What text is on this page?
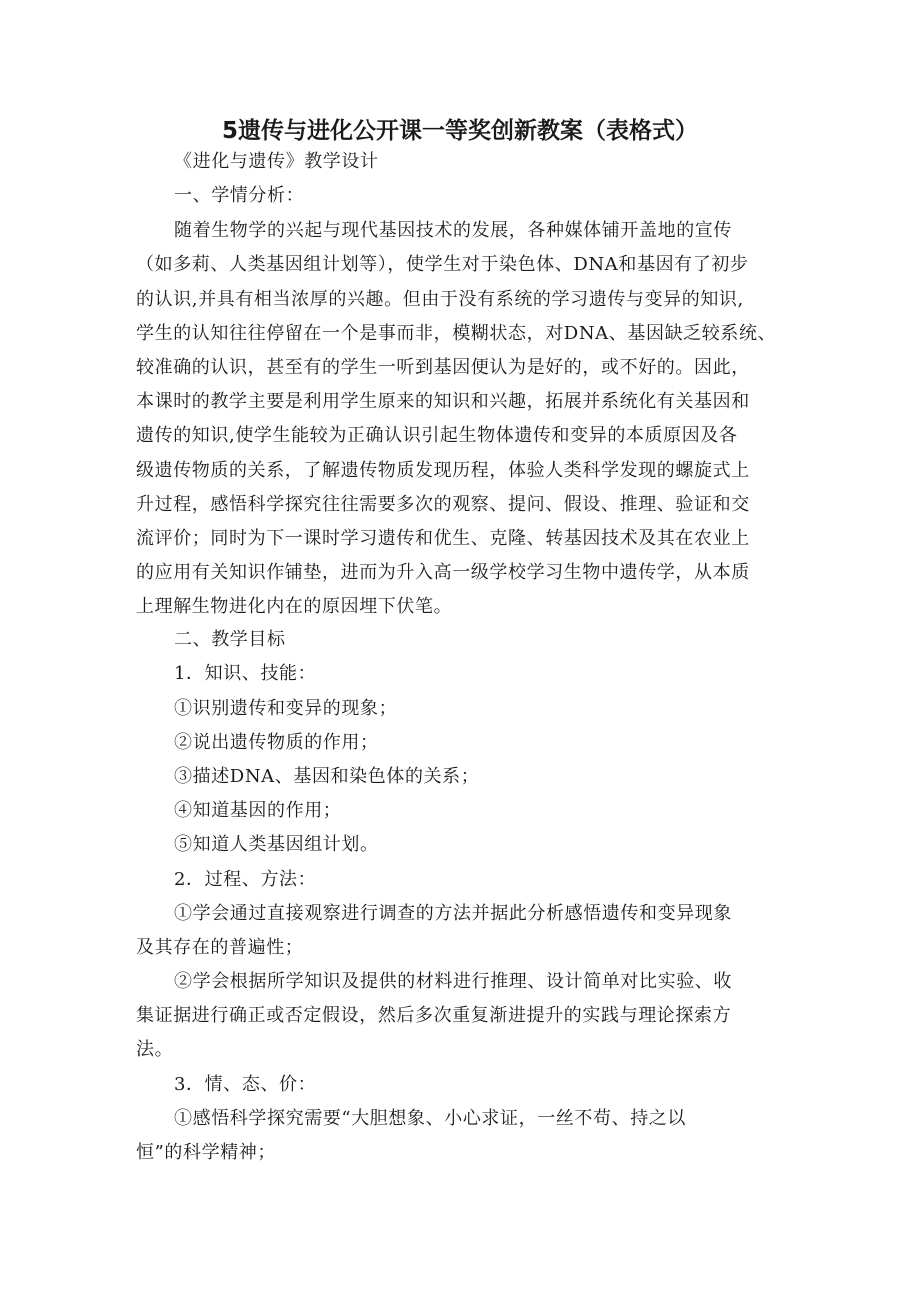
5遗传与进化公开课一等奖创新教案（表格式）
《进化与遗传》教学设计
一、学情分析：
随着生物学的兴起与现代基因技术的发展，各种媒体铺开盖地的宣传
（如多莉、人类基因组计划等），使学生对于染色体、DNA和基因有了初步
的认识,并具有相当浓厚的兴趣。但由于没有系统的学习遗传与变异的知识,
学生的认知往往停留在一个是事而非，模糊状态，对DNA、基因缺乏较系统、
较准确的认识，甚至有的学生一听到基因便认为是好的，或不好的。因此，
本课时的教学主要是利用学生原来的知识和兴趣，拓展并系统化有关基因和
遗传的知识,使学生能较为正确认识引起生物体遗传和变异的本质原因及各
级遗传物质的关系，了解遗传物质发现历程，体验人类科学发现的螺旋式上
升过程，感悟科学探究往往需要多次的观察、提问、假设、推理、验证和交
流评价；同时为下一课时学习遗传和优生、克隆、转基因技术及其在农业上
的应用有关知识作铺垫，进而为升入高一级学校学习生物中遗传学，从本质
上理解生物进化内在的原因埋下伏笔。
二、教学目标
1．知识、技能：
①识别遗传和变异的现象；
②说出遗传物质的作用；
③描述DNA、基因和染色体的关系；
④知道基因的作用；
⑤知道人类基因组计划。
2．过程、方法：
①学会通过直接观察进行调查的方法并据此分析感悟遗传和变异现象
及其存在的普遍性；
②学会根据所学知识及提供的材料进行推理、设计简单对比实验、收
集证据进行确正或否定假设，然后多次重复渐进提升的实践与理论探索方
法。
3．情、态、价：
①感悟科学探究需要“大胆想象、小心求证，一丝不苟、持之以
恒”的科学精神；
